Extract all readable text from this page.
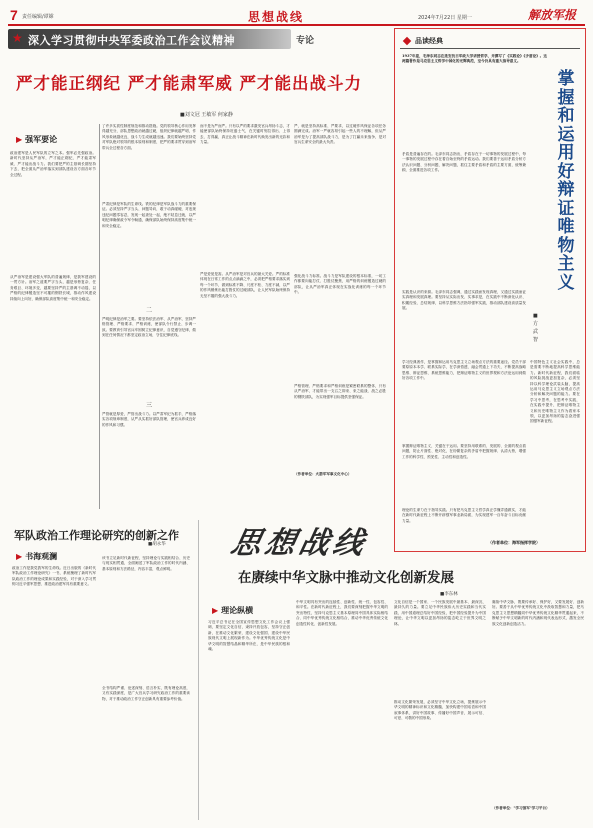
7 责任编辑/谭嫦	思想战线	2024年7月22日 星期一	解放军报
★ 深入学习贯彻中央军委政治工作会议精神	专论
严才能正纲纪 严才能肃军威 严才能出战斗力
■刘文冠 王敏军 何家静
▶ 强军要论

政治建军是人民军队的立军之本。强军必先强政治。新时代坚持从严治军，严才能正纲纪、严才能肃军威、严才能出战斗力。我们要把严的主基调长期坚持下去，把全面从严治军落实到部队建设各方面各环节全过程。

从严治军是建设强大军队的普遍规律，是我军建设的一贯方针。治军之道要严字当头，越是形势复杂、任务艰巨、环境多变，越要坚持严的主基调不动摇，以严格的纪律锻造坚不可摧的钢铁长城，推动作风建设持续向上向好，确保部队高度集中统一和安全稳定。

了许多实质性制度规范和推动措施。党的领导核心作用发挥得越充分，部队思想政治就越过硬，组织纪律就越严明，作风形象就越优良，战斗力生成就越迅速。我们要始终坚持党对军队绝对领导的根本原则和制度，把严的要求贯穿到治军带兵全过程各方面。

严肃纪律是军队的生命线。铁的纪律是军队战斗力的重要保证。必须坚持严字当头、问题导向，敢于动真碰硬，对违规违纪问题零容忍，发现一起查处一起，绝不姑息迁就，以严明纪律确保政令军令畅通，确保部队始终保持高度集中统一和安全稳定。

二

严明纪律是治军之要。要坚持依法治军、从严治军，坚持严格管理、严格要求、严格训练，使部队令行禁止、步调一致。要教育引导官兵牢固树立纪律意识，自觉遵守纪律，做到在任何情况下都坚定政治立场，守住纪律底线。

三

严管就是厚爱，严管出战斗力。以严肃军纪为抓手，严格落实各项规章制度，从严从实抓好部队管理，使官兵养成良好的作风和习惯。

而不是为严而严。只有以严的要求激发官兵昂扬斗志，才能使部队始终保持旺盛士气，在关键时刻拉得出、上得去、打得赢，真正让战斗精神在新时代焕发出新的光彩和力量。

严是爱宽是害。从严治军是对官兵的最大关爱。严的标准体现在日常工作的点点滴滴之中，必须把严格要求落实到每一个环节，做到标准不降、尺度不松、力度不减，以严的作风锤炼出能打胜仗的过硬部队，让人民军队始终保持无坚不摧的强大战斗力。

严，就是坚持高标准、严要求，以过硬作风保证各项任务圆满完成。治军一严就容易引起一些人的不理解，但从严治军是为了提高部队战斗力，是为了打赢未来战争，是对官兵生命安全的最大负责。

强化战斗力标准。战斗力是军队建设的根本标准，一切工作都要向能打仗、打胜仗聚焦，用严格的训练锻造过硬的部队，让从严治军真正体现在实战化训练的每一个环节中。

严格管理、严格要求和严格训练是紧密联系的整体，只有从严治军，才能带出一支召之即来、来之能战、战之必胜的钢铁部队，为实现强军目标提供坚强保证。

（作者单位：火箭军军事文化中心）

品读经典
掌
握
和
运
用
好
辩
证
唯
物
主
义
■ 方 武 智

1937年夏，毛泽东同志在延安抗日军政大学讲授哲学，并撰写了《实践论》《矛盾论》。这两篇著作是马克思主义哲学中国化的光辉典范，至今仍具有重大指导意义。

矛盾是普遍存在的。毛泽东同志指出，矛盾存在于一切事物的发展过程中，每一事物的发展过程中存在着自始至终的矛盾运动。我们要善于运用矛盾分析方法认识问题、分析问题、解决问题，抓住主要矛盾和矛盾的主要方面，统筹兼顾、全面推进各项工作。

实践是认识的来源。毛泽东同志强调，通过实践而发现真理，又通过实践而证实真理和发展真理。要坚持从实际出发、实事求是，在实践中不断深化认识、积累经验、总结规律，以科学思维方法指导强军实践，推动部队建设高质量发展。

学习经典著作，是掌握和运用马克思主义立场观点方法的重要途径。党员干部要原原本本学、联系实际学，在学深悟透、融会贯通上下功夫，不断提高战略思维、辩证思维、系统思维能力，把辩证唯物主义的世界观和方法论运用到做好各项工作中。

掌握辩证唯物主义，关键在于运用。要坚持用联系的、发展的、全面的观点看问题，防止片面性、绝对化，在纷繁复杂的矛盾中把握规律、认清大势，增强工作的科学性、预见性、主动性和创造性。

理论的生命力在于指导实践。只有把马克思主义哲学真正学懂弄通做实，才能在新时代新征程上不断开辟强军事业新局面，为实现建军一百年奋斗目标贡献力量。

中国特色主义社会实践中，总是需要不断地提高科学思维能力。新时代新征程，我们面临的风险挑战更加复杂，必须坚持以科学理论武装头脑，提高运用马克思主义立场观点方法分析和解决问题的能力。要在学习中思考，在思考中实践，在实践中提升，把辩证唯物主义和历史唯物主义作为看家本领，以更加昂扬的姿态奋进强国强军新征程。

（作者单位：海军指挥学院）
军队政治工作理论研究的创新之作
■胡永华
▶ 书海观澜

政治工作是我党我军的生命线。近日出版的《新时代军队政治工作理论研究》一书，系统梳理了新时代军队政治工作的理论成果和实践经验，对于深入学习贯彻习近平强军思想、推进政治建军具有重要意义。

该书立足新时代新征程，坚持理论与实践相结合、历史与现实相贯通，全面阐述了军队政治工作的时代内涵、基本原则和方法路径，内容丰富，观点鲜明。

全书结构严谨、论述深刻、语言朴实，既有理论高度，又有实践深度，是广大官兵学习研究政治工作的重要读物，对于推动政治工作守正创新具有重要参考价值。

思想战线
在赓续中华文脉中推动文化创新发展
■李东林
▶ 理论纵横

习近平总书记在全国宣传思想文化工作会议上强调，要坚定文化自信，秉持开放包容，坚持守正创新，在推动文化繁荣、建设文化强国、建设中华民族现代文明上展现新作为。中华优秀传统文化是中华文明的智慧结晶和精华所在，是中华民族的根和魂。

中华文明具有突出的连续性、创新性、统一性、包容性、和平性。在新时代新征程上，我们要深刻把握中华文明的突出特性，坚持马克思主义基本原理同中国具体实际相结合、同中华优秀传统文化相结合，推动中华优秀传统文化创造性转化、创新性发展。

文化自信是一个国家、一个民族发展中最基本、最深沉、最持久的力量。要立足中华民族伟大历史实践和当代实践，用中国道理总结好中国经验，把中国经验提升为中国理论，让中华文明以更加昂扬的姿态屹立于世界文明之林。

推动文化繁荣发展，必须坚守中华文化立场，提炼展示中华文明的精神标识和文化精髓，加快构建中国话语和中国叙事体系，讲好中国故事、传播好中国声音，展示可信、可爱、可敬的中国形象。

赓续中华文脉，既要传承好、保护好，又要发展好、创新好。要善于从中华优秀传统文化中汲取智慧和力量，把马克思主义思想精髓同中华优秀传统文化精华贯通起来，不断赋予中华文明新的时代内涵和现代表达形式，激发全民族文化创新创造活力。

（作者单位："学习强军"学习平台）
